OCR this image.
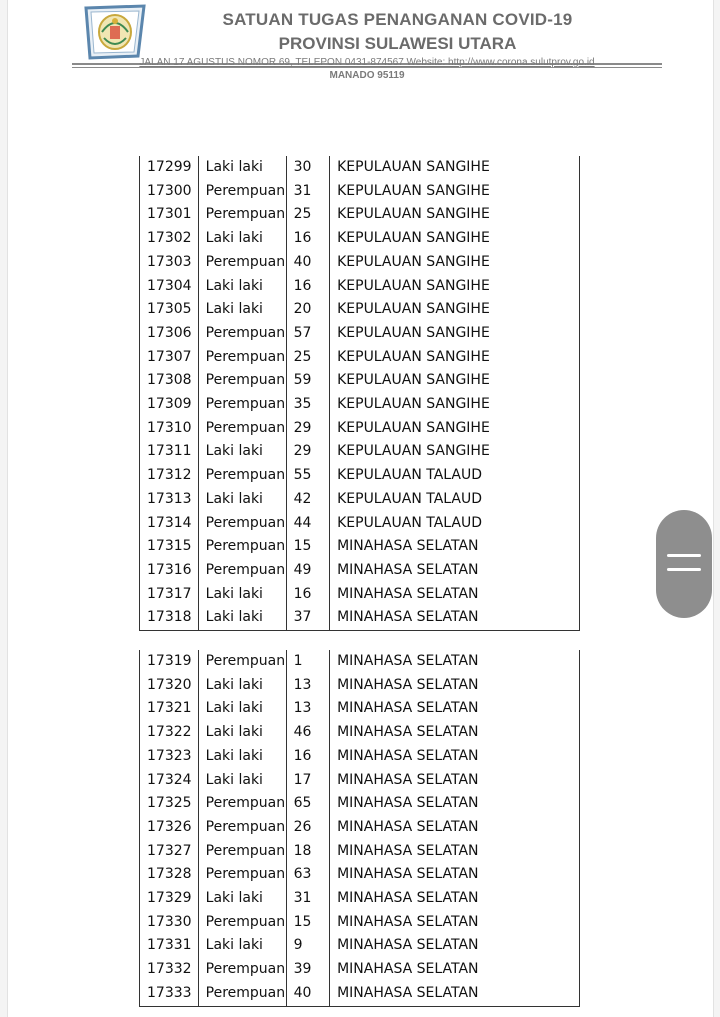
SATUAN TUGAS PENANGANAN COVID-19
PROVINSI SULAWESI UTARA
JALAN 17 AGUSTUS NOMOR 69, TELEPON 0431-874567 Website: http://www.corona.sulutprov.go.id
MANADO 95119
17299	Laki laki	30	KEPULAUAN SANGIHE
17300	Perempuan	31	KEPULAUAN SANGIHE
17301	Perempuan	25	KEPULAUAN SANGIHE
17302	Laki laki	16	KEPULAUAN SANGIHE
17303	Perempuan	40	KEPULAUAN SANGIHE
17304	Laki laki	16	KEPULAUAN SANGIHE
17305	Laki laki	20	KEPULAUAN SANGIHE
17306	Perempuan	57	KEPULAUAN SANGIHE
17307	Perempuan	25	KEPULAUAN SANGIHE
17308	Perempuan	59	KEPULAUAN SANGIHE
17309	Perempuan	35	KEPULAUAN SANGIHE
17310	Perempuan	29	KEPULAUAN SANGIHE
17311	Laki laki	29	KEPULAUAN SANGIHE
17312	Perempuan	55	KEPULAUAN TALAUD
17313	Laki laki	42	KEPULAUAN TALAUD
17314	Perempuan	44	KEPULAUAN TALAUD
17315	Perempuan	15	MINAHASA SELATAN
17316	Perempuan	49	MINAHASA SELATAN
17317	Laki laki	16	MINAHASA SELATAN
17318	Laki laki	37	MINAHASA SELATAN
17319	Perempuan	1	MINAHASA SELATAN
17320	Laki laki	13	MINAHASA SELATAN
17321	Laki laki	13	MINAHASA SELATAN
17322	Laki laki	46	MINAHASA SELATAN
17323	Laki laki	16	MINAHASA SELATAN
17324	Laki laki	17	MINAHASA SELATAN
17325	Perempuan	65	MINAHASA SELATAN
17326	Perempuan	26	MINAHASA SELATAN
17327	Perempuan	18	MINAHASA SELATAN
17328	Perempuan	63	MINAHASA SELATAN
17329	Laki laki	31	MINAHASA SELATAN
17330	Perempuan	15	MINAHASA SELATAN
17331	Laki laki	9	MINAHASA SELATAN
17332	Perempuan	39	MINAHASA SELATAN
17333	Perempuan	40	MINAHASA SELATAN
